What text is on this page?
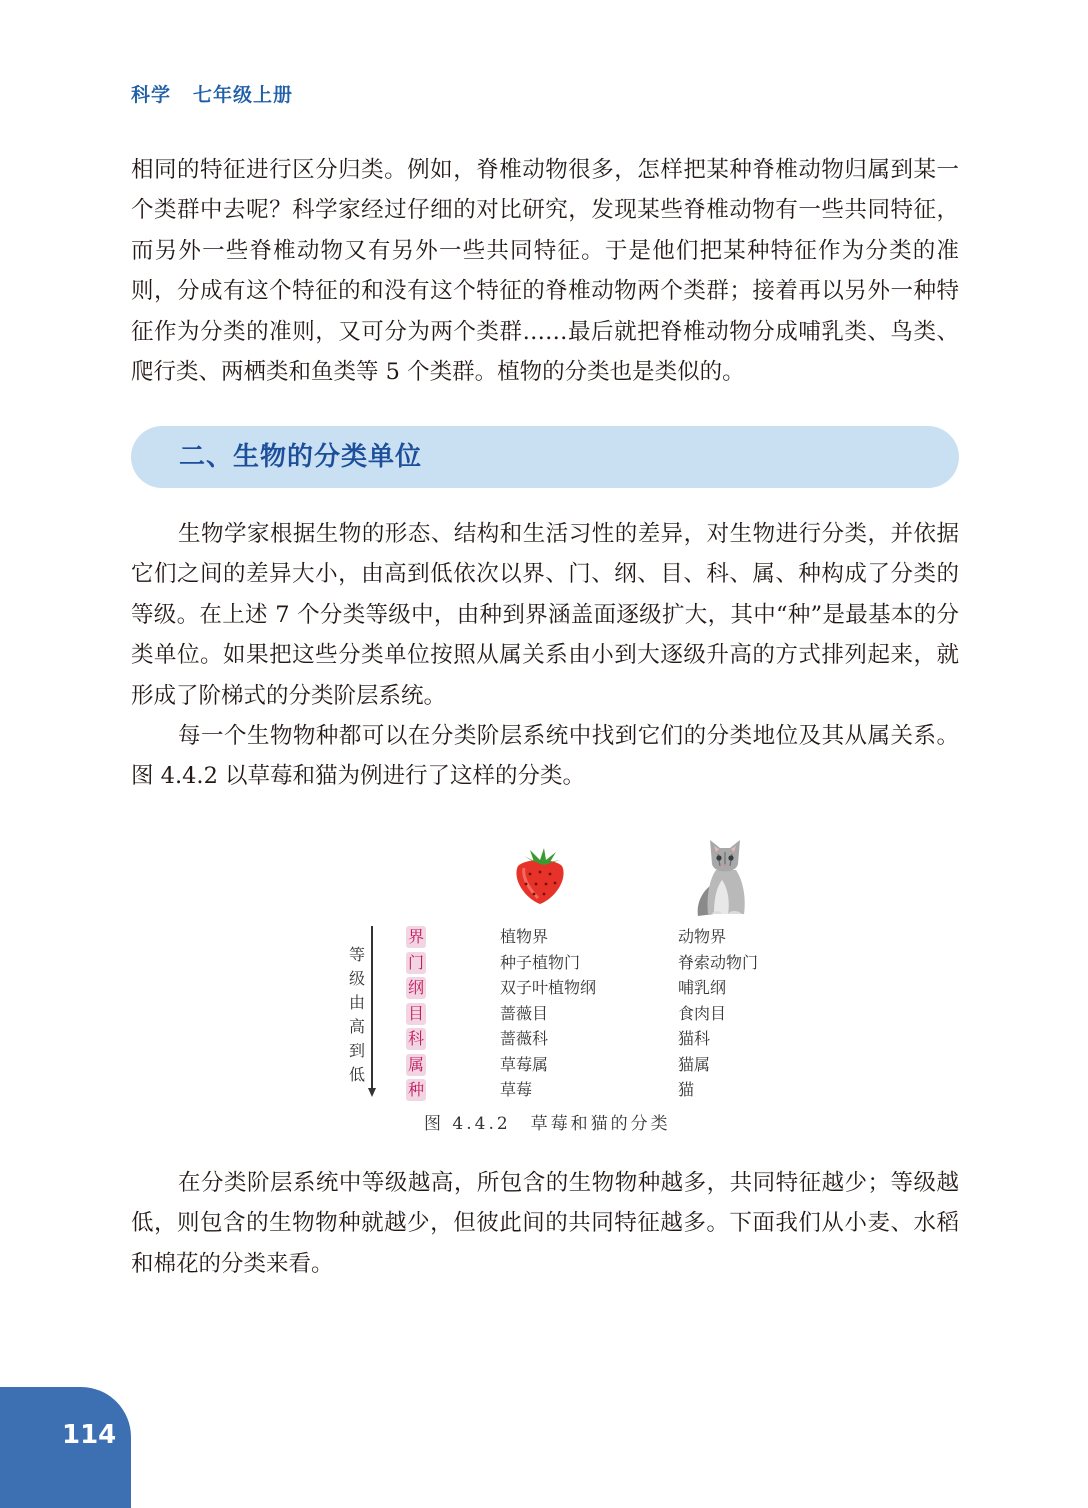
科学 七年级上册

相同的特征进行区分归类。例如，脊椎动物很多，怎样把某种脊椎动物归属到某一个类群中去呢？科学家经过仔细的对比研究，发现某些脊椎动物有一些共同特征，而另外一些脊椎动物又有另外一些共同特征。于是他们把某种特征作为分类的准则，分成有这个特征的和没有这个特征的脊椎动物两个类群；接着再以另外一种特征作为分类的准则，又可分为两个类群……最后就把脊椎动物分成哺乳类、鸟类、爬行类、两栖类和鱼类等 5 个类群。植物的分类也是类似的。

二、生物的分类单位

生物学家根据生物的形态、结构和生活习性的差异，对生物进行分类，并依据它们之间的差异大小，由高到低依次以界、门、纲、目、科、属、种构成了分类的等级。在上述 7 个分类等级中，由种到界涵盖面逐级扩大，其中“种”是最基本的分类单位。如果把这些分类单位按照从属关系由小到大逐级升高的方式排列起来，就形成了阶梯式的分类阶层系统。

每一个生物物种都可以在分类阶层系统中找到它们的分类地位及其从属关系。图 4.4.2 以草莓和猫为例进行了这样的分类。

等
级
由
高
到
低
界
门
纲
目
科
属
种
植物界
种子植物门
双子叶植物纲
蔷薇目
蔷薇科
草莓属
草莓
动物界
脊索动物门
哺乳纲
食肉目
猫科
猫属
猫
图 4.4.2　草莓和猫的分类

在分类阶层系统中等级越高，所包含的生物物种越多，共同特征越少；等级越低，则包含的生物物种就越少，但彼此间的共同特征越多。下面我们从小麦、水稻和棉花的分类来看。

114
